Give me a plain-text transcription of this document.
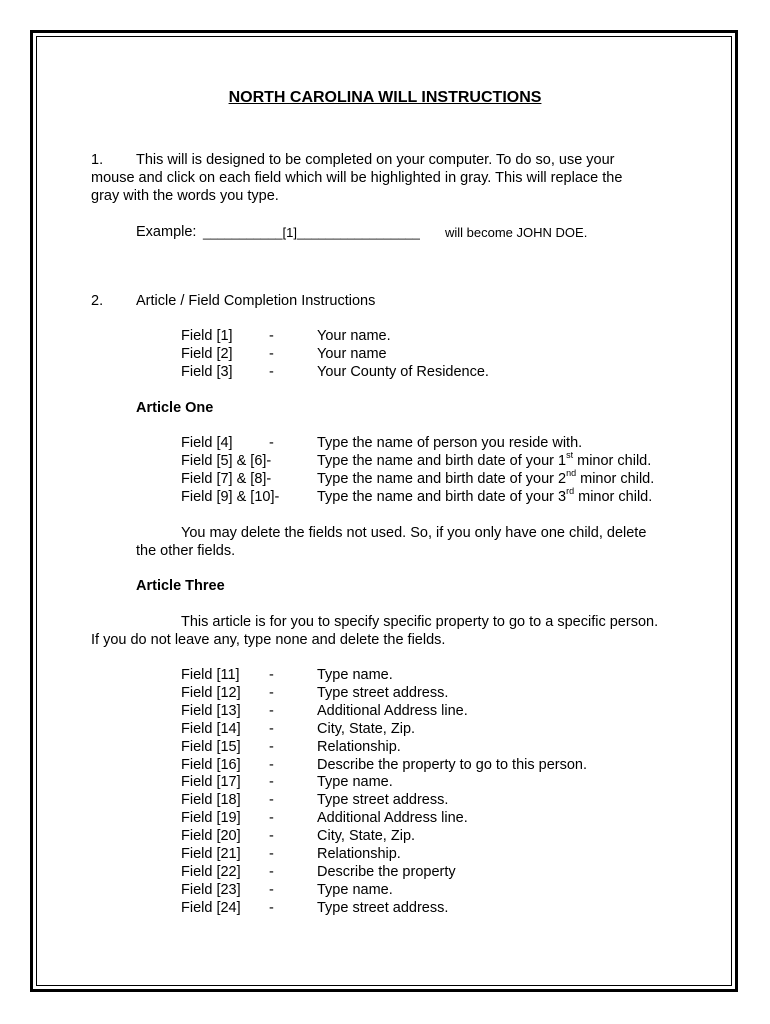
NORTH CAROLINA WILL INSTRUCTIONS
1. This will is designed to be completed on your computer. To do so, use your
mouse and click on each field which will be highlighted in gray. This will replace the
gray with the words you type.
Example: ___________[1]_________________ will become JOHN DOE.
2. Article / Field Completion Instructions
Field [1]	-	Your name.
Field [2]	-	Your name
Field [3]	-	Your County of Residence.
Article One
Field [4]	-	Type the name of person you reside with.
Field [5] & [6]-	Type the name and birth date of your 1st minor child.
Field [7] & [8]-	Type the name and birth date of your 2nd minor child.
Field [9] & [10]-	Type the name and birth date of your 3rd minor child.
You may delete the fields not used. So, if you only have one child, delete
the other fields.
Article Three
This article is for you to specify specific property to go to a specific person.
If you do not leave any, type none and delete the fields.
Field [11] -	Type name.
Field [12] -	Type street address.
Field [13] -	Additional Address line.
Field [14] -	City, State, Zip.
Field [15] -	Relationship.
Field [16] -	Describe the property to go to this person.
Field [17] -	Type name.
Field [18] -	Type street address.
Field [19] -	Additional Address line.
Field [20] -	City, State, Zip.
Field [21] -	Relationship.
Field [22] -	Describe the property
Field [23] -	Type name.
Field [24] -	Type street address.
